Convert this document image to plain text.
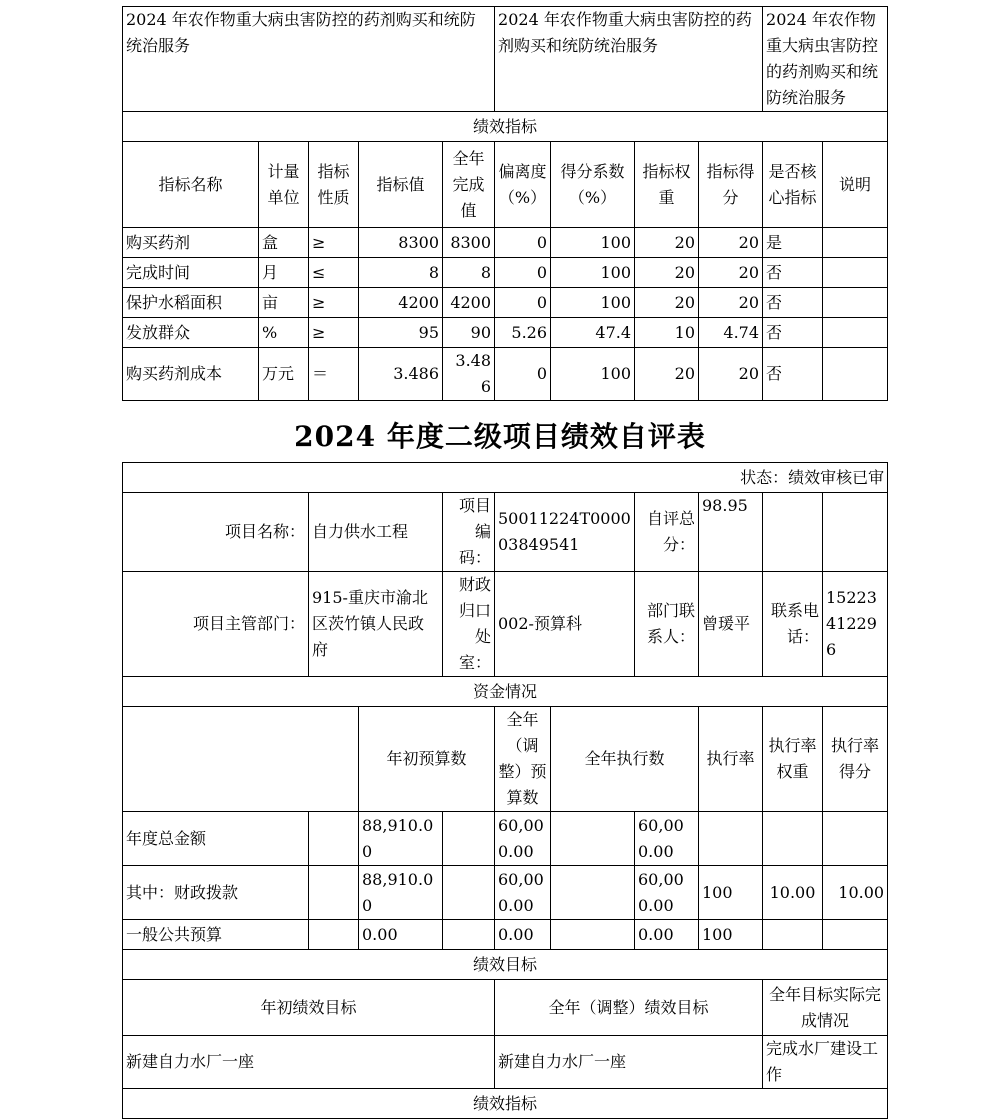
2024 年农作物重大病虫害防控的药剂购买和统防统治服务					2024 年农作物重大病虫害防控的药剂购买和统防统治服务				2024 年农作物重大病虫害防控的药剂购买和统防统治服务	
绩效指标										
指标名称	计量单位	指标性质	指标值	全年完成值	偏离度（%）	得分系数（%）	指标权重	指标得分	是否核心指标	说明
购买药剂	盒	≥	8300	8300	0	100	20	20	是	
完成时间	月	≤	8	8	0	100	20	20	否	
保护水稻面积	亩	≥	4200	4200	0	100	20	20	否	
发放群众	%	≥	95	90	5.26	47.4	10	4.74	否	
购买药剂成本	万元	＝	3.486	3.486	0	100	20	20	否	
2024 年度二级项目绩效自评表
状态：绩效审核已审									
项目名称：	自力供水工程		项目编码：	50011224T000003849541		自评总分：	98.95		
项目主管部门：	915-重庆市渝北区茨竹镇人民政府		财政归口处室：	002-预算科		部门联系人：	曾瑗平	联系电话：	15223412296
资金情况									
		年初预算数		全年（调整）预算数	全年执行数		执行率	执行率权重	执行率得分
年度总金额		88,910.00		60,000.00		60,000.00			
其中：财政拨款		88,910.00		60,000.00		60,000.00	100	10.00	10.00
一般公共预算		0.00		0.00		0.00	100		
绩效目标									
年初绩效目标				全年（调整）绩效目标				全年目标实际完成情况	
新建自力水厂一座				新建自力水厂一座				完成水厂建设工作	
绩效指标									
